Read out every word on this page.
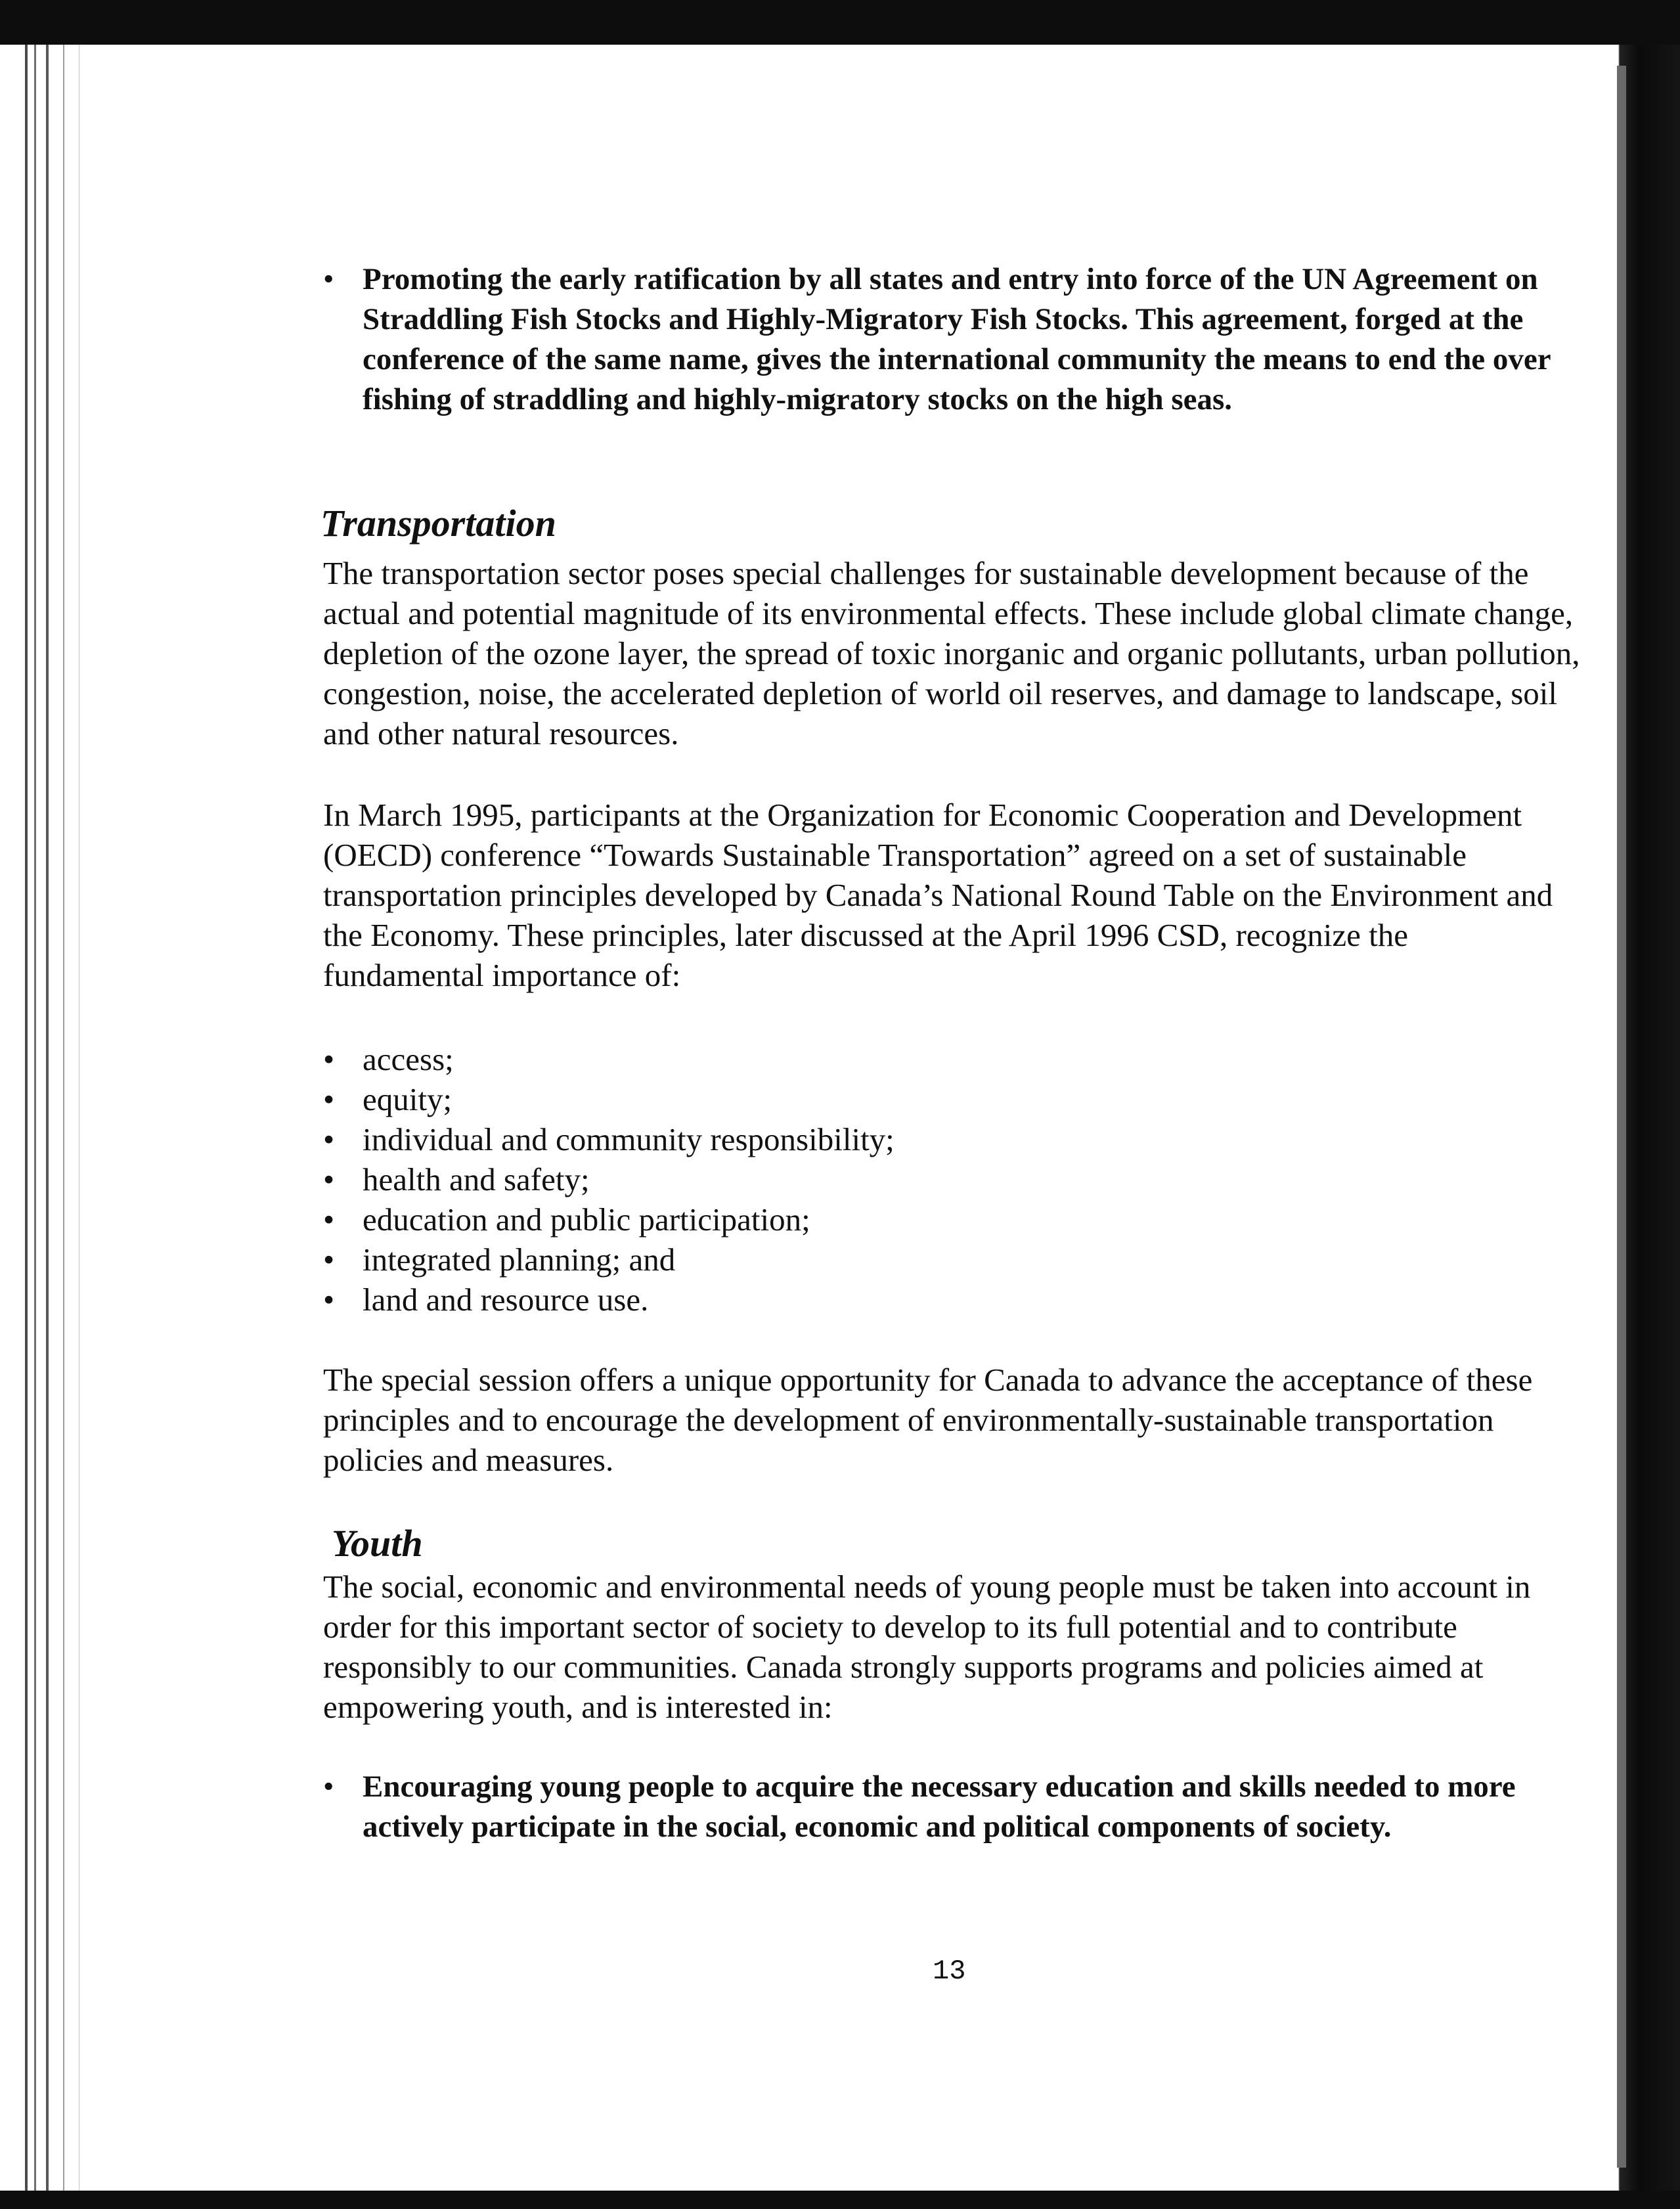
• Promoting the early ratification by all states and entry into force of the UN Agreement on Straddling Fish Stocks and Highly-Migratory Fish Stocks. This agreement, forged at the conference of the same name, gives the international community the means to end the over fishing of straddling and highly-migratory stocks on the high seas.
Transportation

The transportation sector poses special challenges for sustainable development because of the actual and potential magnitude of its environmental effects. These include global climate change, depletion of the ozone layer, the spread of toxic inorganic and organic pollutants, urban pollution, congestion, noise, the accelerated depletion of world oil reserves, and damage to landscape, soil and other natural resources.

In March 1995, participants at the Organization for Economic Cooperation and Development (OECD) conference “Towards Sustainable Transportation” agreed on a set of sustainable transportation principles developed by Canada’s National Round Table on the Environment and the Economy. These principles, later discussed at the April 1996 CSD, recognize the fundamental importance of:

• access;
• equity;
• individual and community responsibility;
• health and safety;
• education and public participation;
• integrated planning; and
• land and resource use.

The special session offers a unique opportunity for Canada to advance the acceptance of these principles and to encourage the development of environmentally-sustainable transportation policies and measures.

Youth

The social, economic and environmental needs of young people must be taken into account in order for this important sector of society to develop to its full potential and to contribute responsibly to our communities. Canada strongly supports programs and policies aimed at empowering youth, and is interested in:

• Encouraging young people to acquire the necessary education and skills needed to more actively participate in the social, economic and political components of society.
13
